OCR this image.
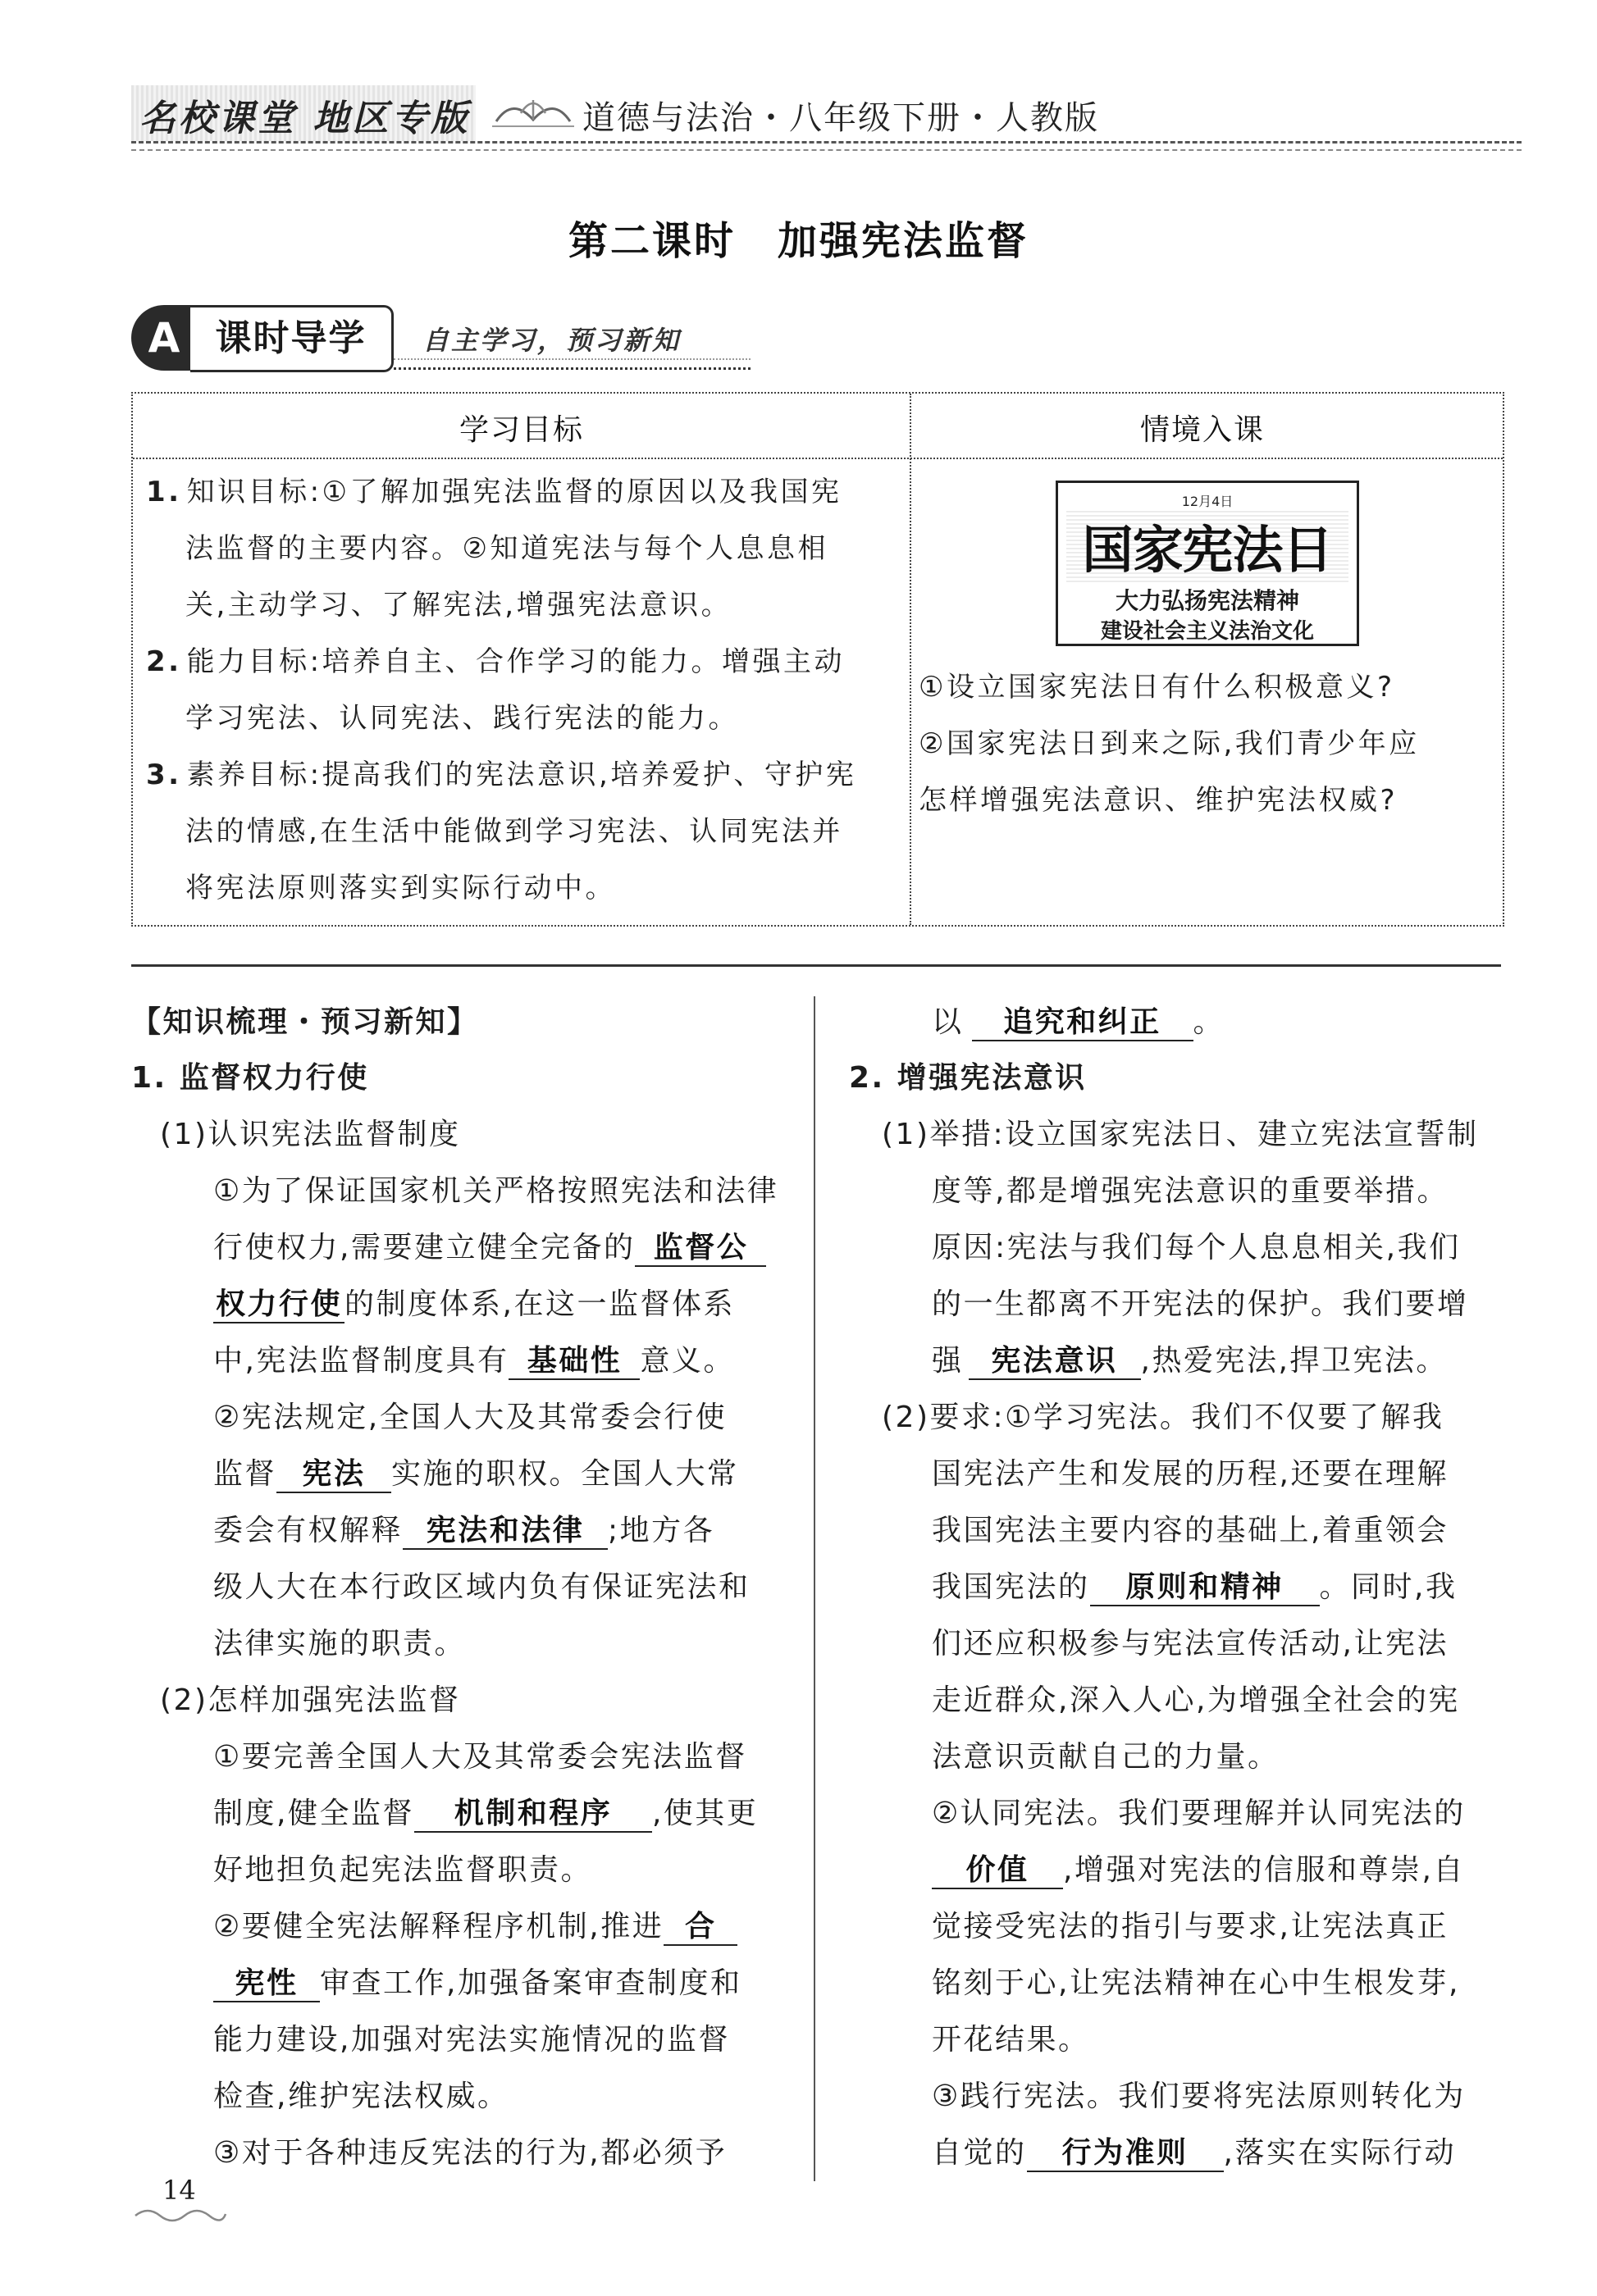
名校课堂 地区专版	道德与法治・八年级下册・人教版
第二课时　加强宪法监督
A 课时导学	自主学习，预习新知
学习目标	情境入课
1. 知识目标:①了解加强宪法监督的原因以及我国宪
法监督的主要内容。②知道宪法与每个人息息相
关,主动学习、了解宪法,增强宪法意识。
2. 能力目标:培养自主、合作学习的能力。增强主动
学习宪法、认同宪法、践行宪法的能力。
3. 素养目标:提高我们的宪法意识,培养爱护、守护宪
法的情感,在生活中能做到学习宪法、认同宪法并
将宪法原则落实到实际行动中。
12月4日
国家宪法日
大力弘扬宪法精神
建设社会主义法治文化
①设立国家宪法日有什么积极意义?
②国家宪法日到来之际,我们青少年应
怎样增强宪法意识、维护宪法权威?
【知识梳理・预习新知】
1. 监督权力行使
(1)认识宪法监督制度
①为了保证国家机关严格按照宪法和法律
行使权力,需要建立健全完备的 监督公
权力行使的制度体系,在这一监督体系
中,宪法监督制度具有 基础性 意义。
②宪法规定,全国人大及其常委会行使
监督 宪法 实施的职权。全国人大常
委会有权解释 宪法和法律 ;地方各
级人大在本行政区域内负有保证宪法和
法律实施的职责。
(2)怎样加强宪法监督
①要完善全国人大及其常委会宪法监督
制度,健全监督 机制和程序 ,使其更
好地担负起宪法监督职责。
②要健全宪法解释程序机制,推进 合
宪性 审查工作,加强备案审查制度和
能力建设,加强对宪法实施情况的监督
检查,维护宪法权威。
③对于各种违反宪法的行为,都必须予
以 追究和纠正 。
2. 增强宪法意识
(1)举措:设立国家宪法日、建立宪法宣誓制
度等,都是增强宪法意识的重要举措。
原因:宪法与我们每个人息息相关,我们
的一生都离不开宪法的保护。我们要增
强 宪法意识 ,热爱宪法,捍卫宪法。
(2)要求:①学习宪法。我们不仅要了解我
国宪法产生和发展的历程,还要在理解
我国宪法主要内容的基础上,着重领会
我国宪法的 原则和精神 。同时,我
们还应积极参与宪法宣传活动,让宪法
走近群众,深入人心,为增强全社会的宪
法意识贡献自己的力量。
②认同宪法。我们要理解并认同宪法的
价值 ,增强对宪法的信服和尊崇,自
觉接受宪法的指引与要求,让宪法真正
铭刻于心,让宪法精神在心中生根发芽,
开花结果。
③践行宪法。我们要将宪法原则转化为
自觉的 行为准则 ,落实在实际行动
14
